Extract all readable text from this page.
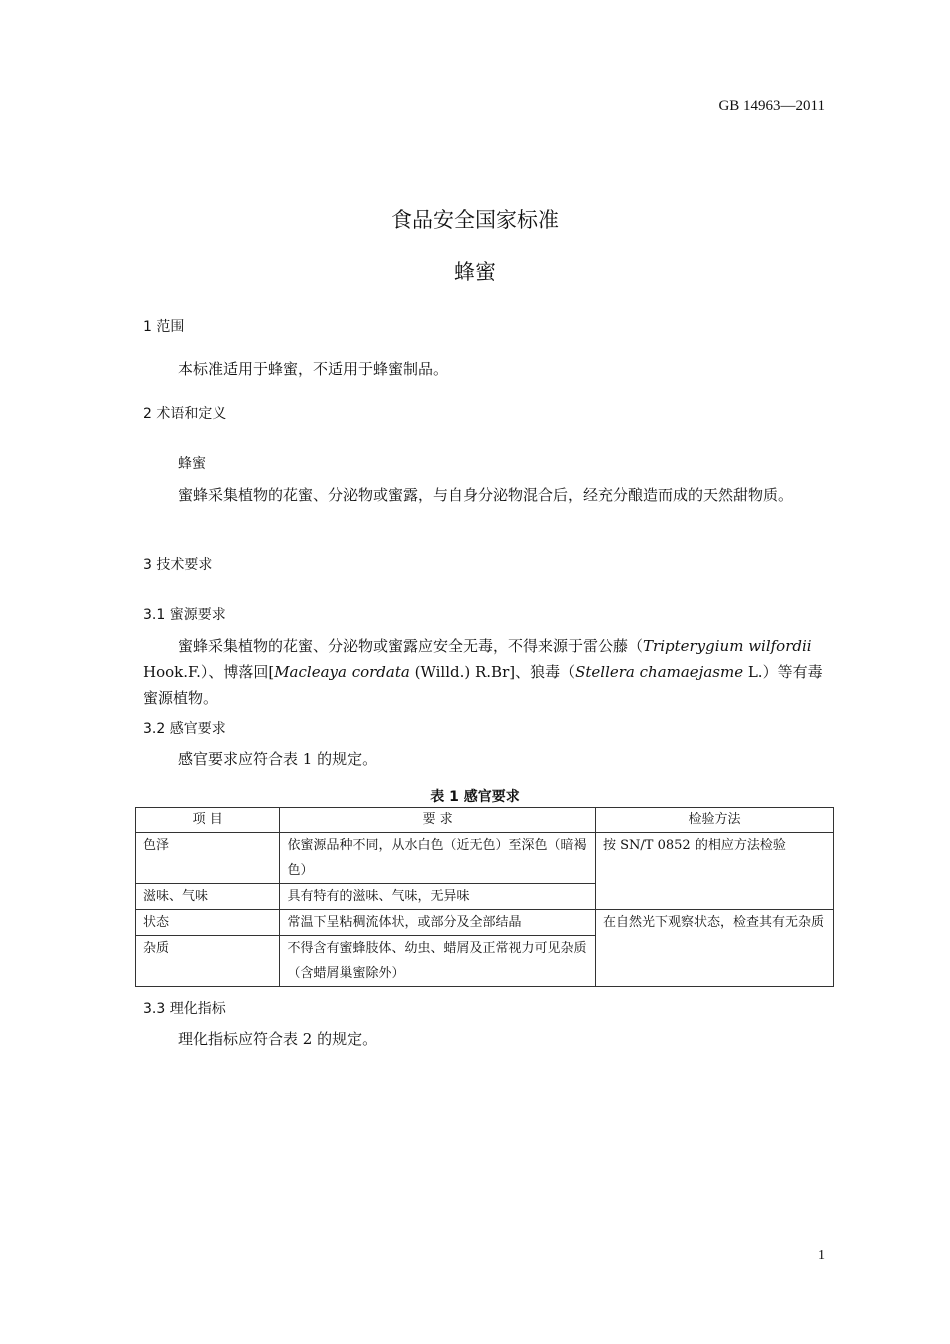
GB 14963—2011
食品安全国家标准
蜂蜜
1 范围
本标准适用于蜂蜜，不适用于蜂蜜制品。
2 术语和定义
蜂蜜
蜜蜂采集植物的花蜜、分泌物或蜜露，与自身分泌物混合后，经充分酿造而成的天然甜物质。
3 技术要求
3.1 蜜源要求
蜜蜂采集植物的花蜜、分泌物或蜜露应安全无毒，不得来源于雷公藤（Tripterygium wilfordii Hook.F.）、博落回[Macleaya cordata (Willd.) R.Br]、狼毒（Stellera chamaejasme L.）等有毒蜜源植物。
3.2 感官要求
感官要求应符合表 1 的规定。
表 1 感官要求
项 目	要 求	检验方法
色泽	依蜜源品种不同，从水白色（近无色）至深色（暗褐色）	按 SN/T 0852 的相应方法检验
滋味、气味	具有特有的滋味、气味，无异味	
状态	常温下呈粘稠流体状，或部分及全部结晶	在自然光下观察状态，检查其有无杂质
杂质	不得含有蜜蜂肢体、幼虫、蜡屑及正常视力可见杂质（含蜡屑巢蜜除外）	
3.3 理化指标
理化指标应符合表 2 的规定。
1
